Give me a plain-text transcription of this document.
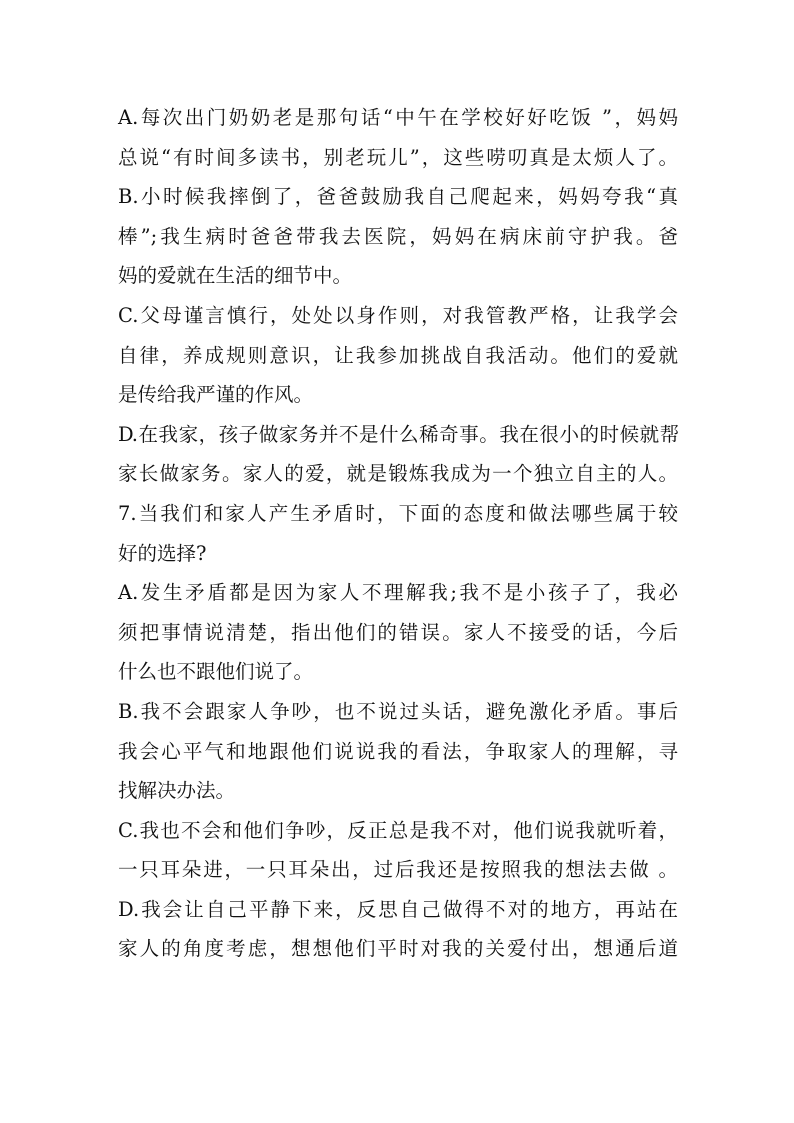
A.每次出门奶奶老是那句话“中午在学校好好吃饭 ”，妈妈

总说“有时间多读书，别老玩儿”，这些唠叨真是太烦人了。

B.小时候我摔倒了，爸爸鼓励我自己爬起来，妈妈夸我“真

棒”;我生病时爸爸带我去医院，妈妈在病床前守护我。爸

妈的爱就在生活的细节中。

C.父母谨言慎行，处处以身作则，对我管教严格，让我学会

自律，养成规则意识，让我参加挑战自我活动。他们的爱就

是传给我严谨的作风。

D.在我家，孩子做家务并不是什么稀奇事。我在很小的时候就帮

家长做家务。家人的爱，就是锻炼我成为一个独立自主的人。

7.当我们和家人产生矛盾时，下面的态度和做法哪些属于较

好的选择?

A.发生矛盾都是因为家人不理解我;我不是小孩子了，我必

须把事情说清楚，指出他们的错误。家人不接受的话，今后

什么也不跟他们说了。

B.我不会跟家人争吵，也不说过头话，避免激化矛盾。事后

我会心平气和地跟他们说说我的看法，争取家人的理解，寻

找解决办法。

C.我也不会和他们争吵，反正总是我不对，他们说我就听着，

一只耳朵进，一只耳朵出，过后我还是按照我的想法去做 。

D.我会让自己平静下来，反思自己做得不对的地方，再站在

家人的角度考虑，想想他们平时对我的关爱付出，想通后道
